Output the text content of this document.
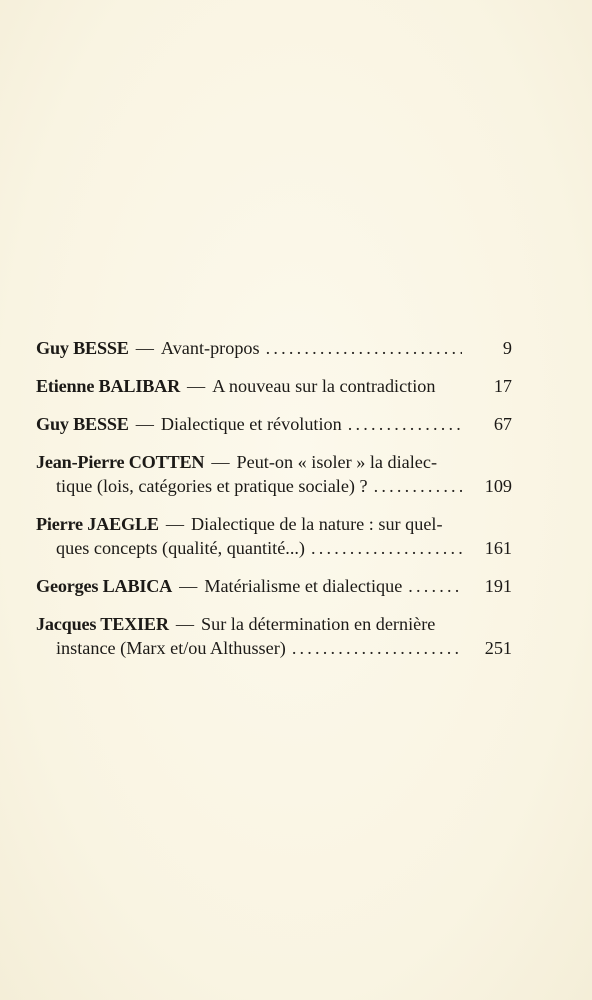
Guy BESSE — Avant-propos .....	9
Etienne BALIBAR — A nouveau sur la contradiction	17
Guy BESSE — Dialectique et révolution .....	67
Jean-Pierre COTTEN — Peut-on « isoler » la dialec-
tique (lois, catégories et pratique sociale) ? .....	109
Pierre JAEGLE — Dialectique de la nature : sur quel-
ques concepts (qualité, quantité...) .....	161
Georges LABICA — Matérialisme et dialectique .....	191
Jacques TEXIER — Sur la détermination en dernière
instance (Marx et/ou Althusser) .....	251
